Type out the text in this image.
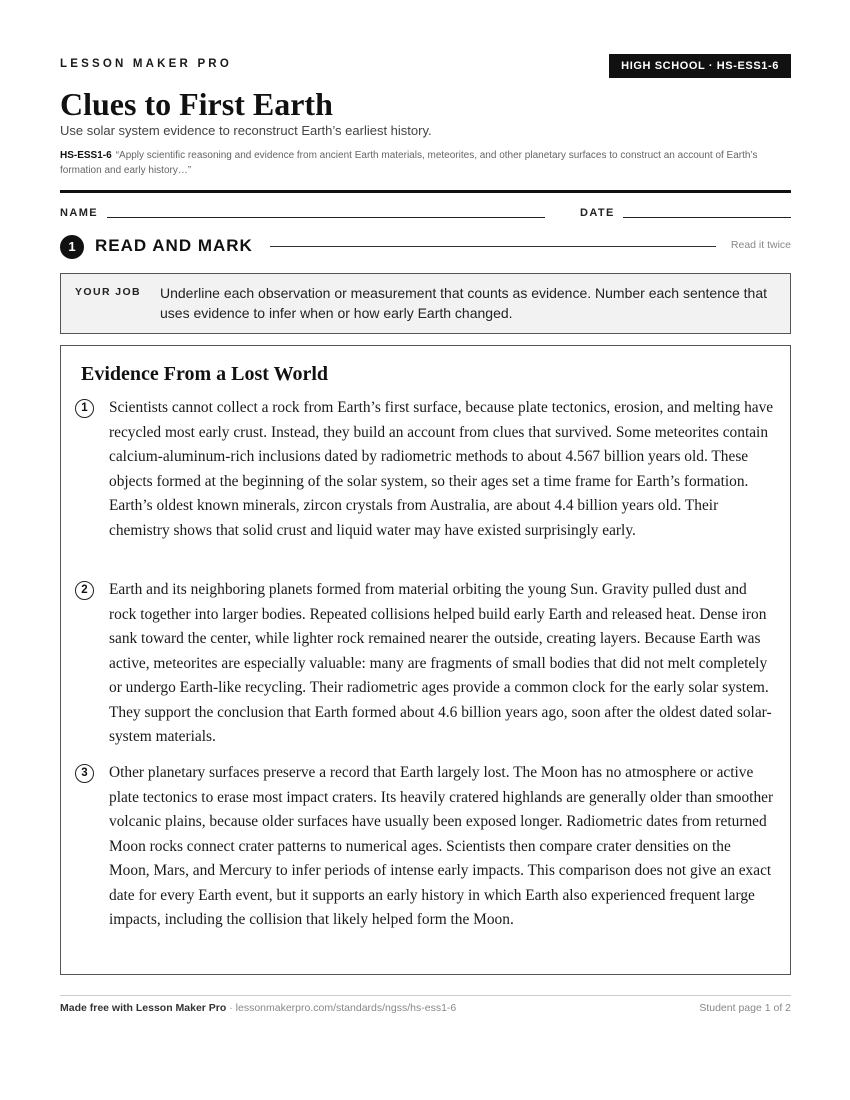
LESSON MAKER PRO	HIGH SCHOOL · HS-ESS1-6
Clues to First Earth
Use solar system evidence to reconstruct Earth’s earliest history.
HS-ESS1-6 “Apply scientific reasoning and evidence from ancient Earth materials, meteorites, and other planetary surfaces to construct an account of Earth’s formation and early history…”
NAME	DATE
1	READ AND MARK	Read it twice
YOUR JOB Underline each observation or measurement that counts as evidence. Number each sentence that uses evidence to infer when or how early Earth changed.
Evidence From a Lost World
1	Scientists cannot collect a rock from Earth’s first surface, because plate tectonics, erosion, and melting have recycled most early crust. Instead, they build an account from clues that survived. Some meteorites contain calcium-aluminum-rich inclusions dated by radiometric methods to about 4.567 billion years old. These objects formed at the beginning of the solar system, so their ages set a time frame for Earth’s formation. Earth’s oldest known minerals, zircon crystals from Australia, are about 4.4 billion years old. Their chemistry shows that solid crust and liquid water may have existed surprisingly early.

2	Earth and its neighboring planets formed from material orbiting the young Sun. Gravity pulled dust and rock together into larger bodies. Repeated collisions helped build early Earth and released heat. Dense iron sank toward the center, while lighter rock remained nearer the outside, creating layers. Because Earth was active, meteorites are especially valuable: many are fragments of small bodies that did not melt completely or undergo Earth-like recycling. Their radiometric ages provide a common clock for the early solar system. They support the conclusion that Earth formed about 4.6 billion years ago, soon after the oldest dated solar-system materials.

3	Other planetary surfaces preserve a record that Earth largely lost. The Moon has no atmosphere or active plate tectonics to erase most impact craters. Its heavily cratered highlands are generally older than smoother volcanic plains, because older surfaces have usually been exposed longer. Radiometric dates from returned Moon rocks connect crater patterns to numerical ages. Scientists then compare crater densities on the Moon, Mars, and Mercury to infer periods of intense early impacts. This comparison does not give an exact date for every Earth event, but it supports an early history in which Earth also experienced frequent large impacts, including the collision that likely helped form the Moon.

Made free with Lesson Maker Pro · lessonmakerpro.com/standards/ngss/hs-ess1-6	Student page 1 of 2
